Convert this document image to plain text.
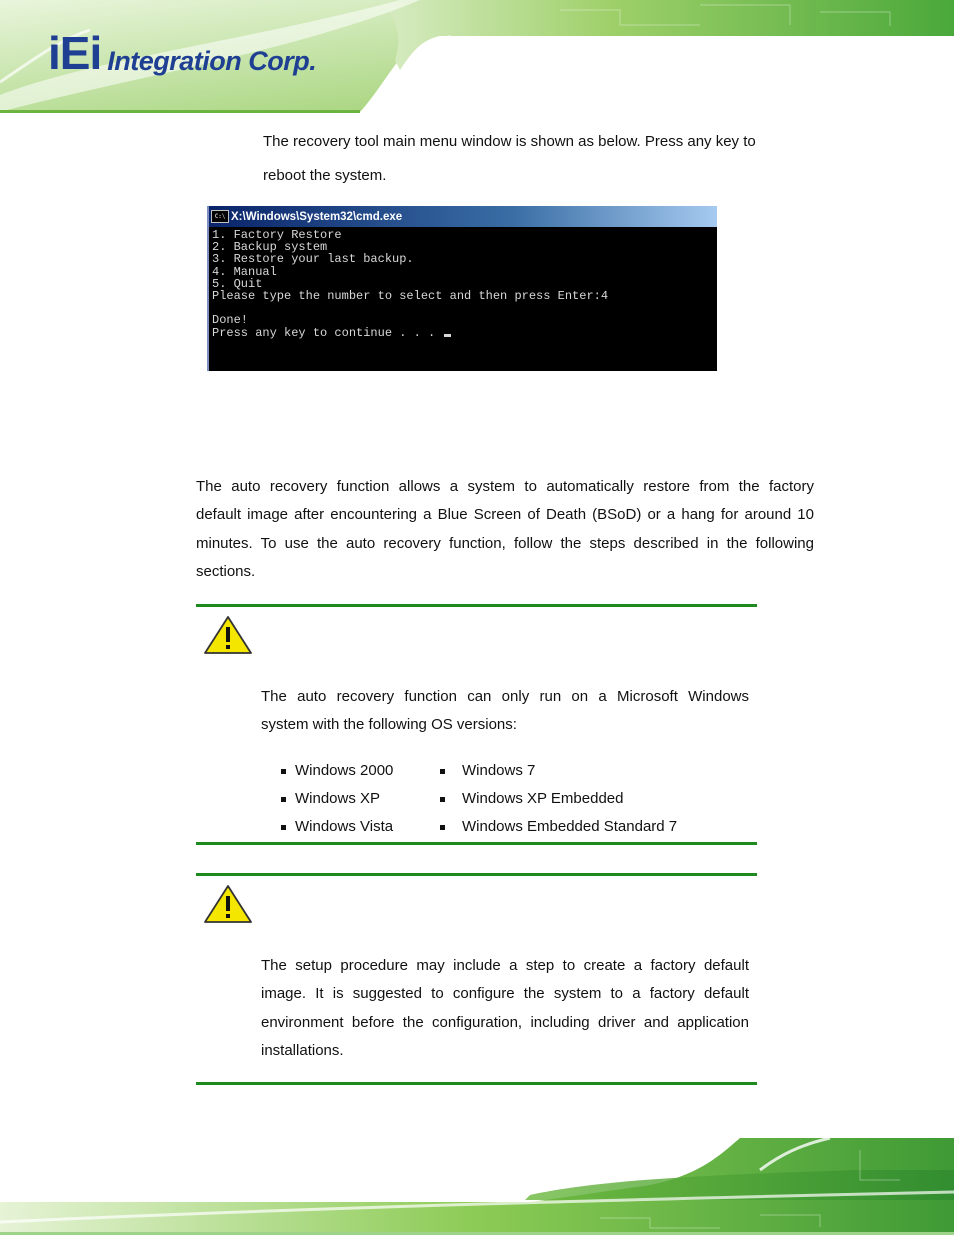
iEi Integration Corp.

The recovery tool main menu window is shown as below. Press any key to

reboot the system.

C:\ X:\Windows\System32\cmd.exe
1. Factory Restore
2. Backup system
3. Restore your last backup.
4. Manual
5. Quit
Please type the number to select and then press Enter:4
Done!
Press any key to continue . . .
The auto recovery function allows a system to automatically restore from the factory
default image after encountering a Blue Screen of Death (BSoD) or a hang for around 10
minutes. To use the auto recovery function, follow the steps described in the following
sections.
The auto recovery function can only run on a Microsoft Windows
system with the following OS versions:
Windows 2000
Windows XP
Windows Vista
Windows 7
Windows XP Embedded
Windows Embedded Standard 7
The setup procedure may include a step to create a factory default
image. It is suggested to configure the system to a factory default
environment before the configuration, including driver and application
installations.
